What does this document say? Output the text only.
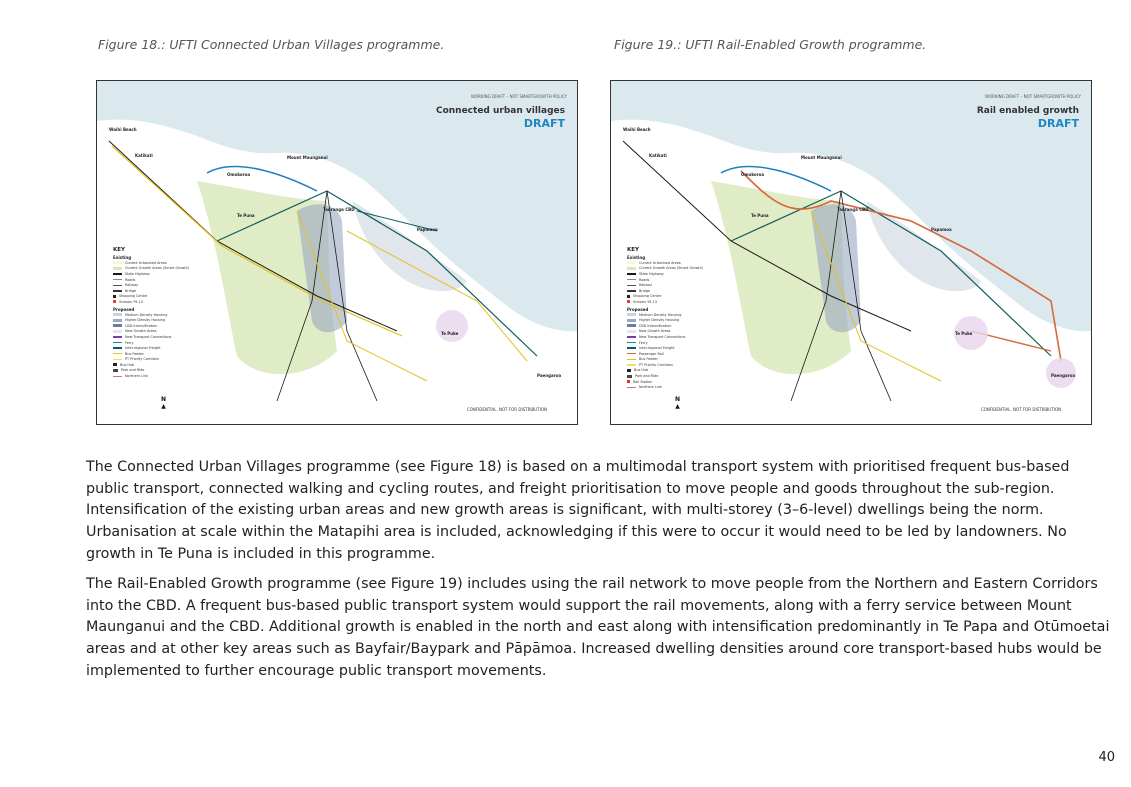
Figure 18.: UFTI Connected Urban Villages programme.	Figure 19.: UFTI Rail-Enabled Growth programme.
WORKING DRAFT – NOT SMARTGROWTH POLICY
Connected urban villages
DRAFT
Waihi Beach
Katikati
Omokoroa
Te Puna
Mount Maunganui
Tauranga CBD
Papamoa
Te Puke
Paengaroa
KEY
Existing
Current Urbanised Areas
Current Growth Areas (Smart Growth)
State Highway
Roads
Railway
Bridge
Shopping Centre
Schools Y9-13
Proposed
Medium Density Housing
Higher Density Housing
CBD Intensification
New Growth Areas
New Transport Connections
Ferry
Inter-regional Freight
Bus Feeder
PT Priority Corridors
Bus Hub
Park and Ride
Northern Link
N
▲	CONFIDENTIAL. NOT FOR DISTRIBUTION
WORKING DRAFT – NOT SMARTGROWTH POLICY
Rail enabled growth
DRAFT
Waihi Beach
Katikati
Omokoroa
Te Puna
Mount Maunganui
Tauranga CBD
Papamoa
Te Puke
Paengaroa
KEY
Existing
Current Urbanised Areas
Current Growth Areas (Smart Growth)
State Highway
Roads
Railway
Bridge
Shopping Centre
Schools Y9-13
Proposed
Medium Density Housing
Higher Density Housing
CBD Intensification
New Growth Areas
New Transport Connections
Ferry
Inter-regional Freight
Passenger Rail
Bus Feeder
PT Priority Corridors
Bus Hub
Park and Ride
Rail Station
Northern Link
N
▲	CONFIDENTIAL. NOT FOR DISTRIBUTION

The Connected Urban Villages programme (see Figure 18) is based on a multimodal transport system with prioritised frequent bus-based public transport, connected walking and cycling routes, and freight prioritisation to move people and goods throughout the sub-region. Intensification of the existing urban areas and new growth areas is significant, with multi-storey (3–6-level) dwellings being the norm. Urbanisation at scale within the Matapihi area is included, acknowledging if this were to occur it would need to be led by landowners. No growth in Te Puna is included in this programme.

The Rail-Enabled Growth programme (see Figure 19) includes using the rail network to move people from the Northern and Eastern Corridors into the CBD. A frequent bus-based public transport system would support the rail movements, along with a ferry service between Mount Maunganui and the CBD. Additional growth is enabled in the north and east along with intensification predominantly in Te Papa and Otūmoetai areas and at other key areas such as Bayfair/Baypark and Pāpāmoa. Increased dwelling densities around core transport-based hubs would be implemented to further encourage public transport movements.

40
